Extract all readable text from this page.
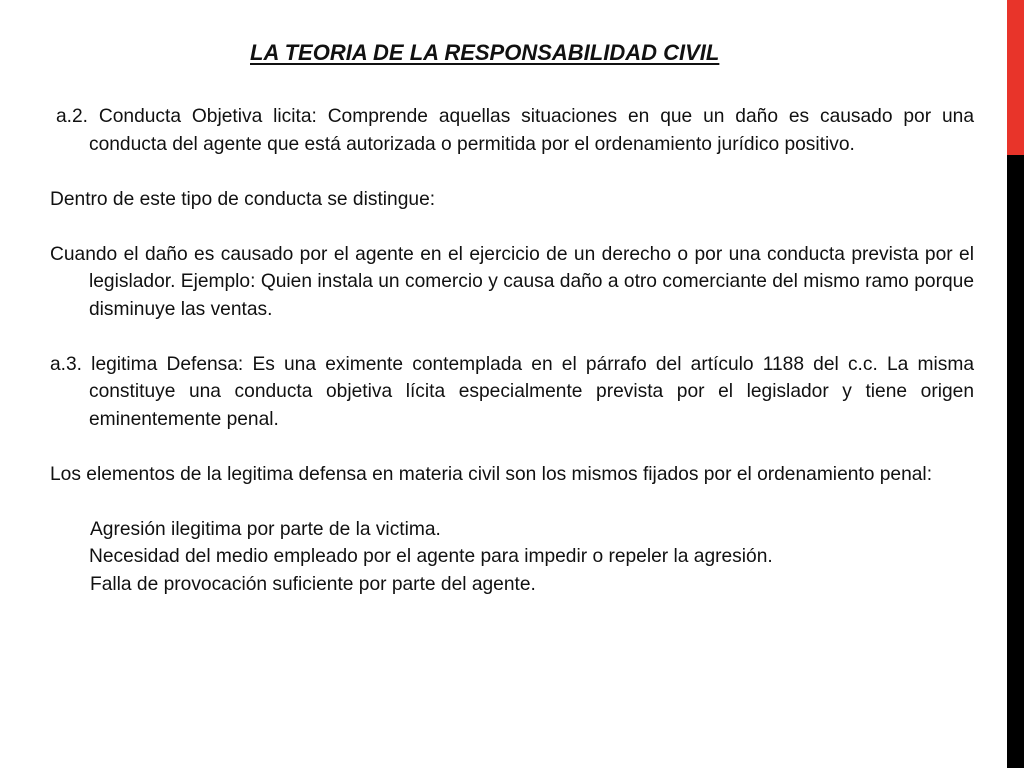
LA TEORIA DE LA RESPONSABILIDAD CIVIL

a.2. Conducta Objetiva licita: Comprende aquellas situaciones en que un daño es causado por una conducta del agente que está autorizada o permitida por el ordenamiento jurídico positivo.

Dentro de este tipo de conducta se distingue:

Cuando el daño es causado por el agente en el ejercicio de un derecho o por una conducta prevista por el legislador. Ejemplo: Quien instala un comercio y causa daño a otro comerciante del mismo ramo porque disminuye las ventas.

a.3. legitima Defensa: Es una eximente contemplada en el párrafo del artículo 1188 del c.c. La misma constituye una conducta objetiva lícita especialmente prevista por el legislador y tiene origen eminentemente penal.

Los elementos de la legitima defensa en materia civil son los mismos fijados por el ordenamiento penal:

Agresión ilegitima por parte de la victima.
Necesidad del medio empleado por el agente para impedir o repeler la agresión.
Falla de provocación suficiente por parte del agente.
